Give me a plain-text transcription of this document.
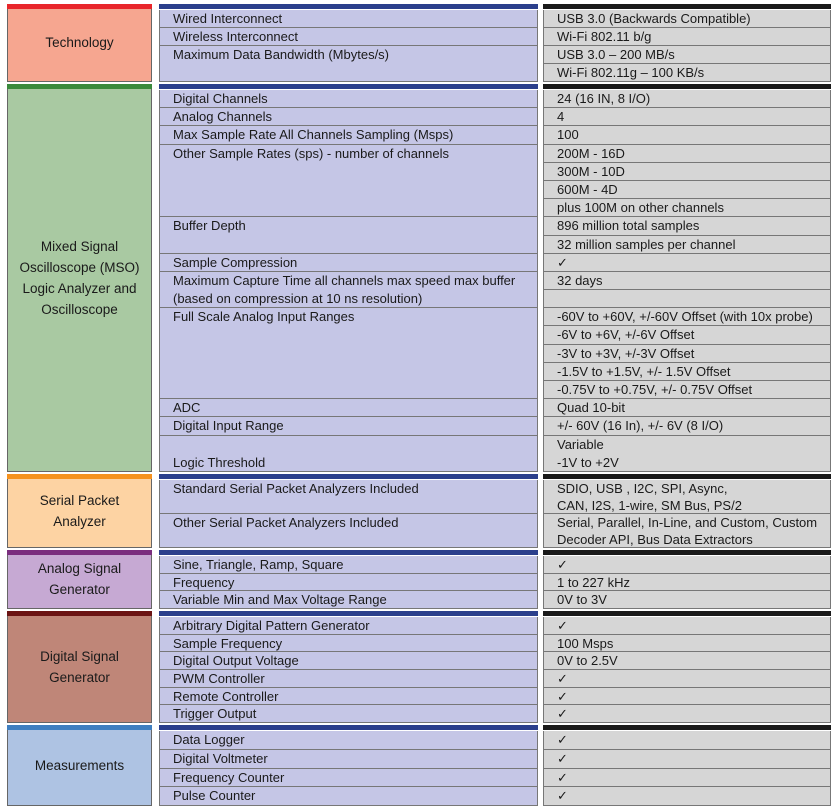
Technology
Wired Interconnect
Wireless Interconnect
Maximum Data Bandwidth (Mbytes/s)

USB 3.0 (Backwards Compatible)
Wi-Fi 802.11 b/g
USB 3.0 – 200 MB/s
Wi-Fi 802.11g – 100 KB/s
Mixed Signal
Oscilloscope (MSO)
Logic Analyzer and
Oscilloscope
Digital Channels
Analog Channels
Max Sample Rate All Channels Sampling (Msps)
Other Sample Rates (sps) - number of channels

Buffer Depth

Sample Compression
Maximum Capture Time all channels max speed max buffer
(based on compression at 10 ns resolution)
Full Scale Analog Input Ranges

ADC
Digital Input Range

Logic Threshold
24 (16 IN, 8 I/O)
4
100
200M - 16D
300M - 10D
600M - 4D
plus 100M on other channels
896 million total samples
32 million samples per channel
✓
32 days

-60V to +60V, +/-60V Offset (with 10x probe)
-6V to +6V, +/-6V Offset
-3V to +3V, +/-3V Offset
-1.5V to +1.5V, +/- 1.5V Offset
-0.75V to +0.75V, +/- 0.75V Offset
Quad 10-bit
+/- 60V (16 In), +/- 6V (8 I/O)
Variable
-1V to +2V
Serial Packet
Analyzer
Standard Serial Packet Analyzers Included

Other Serial Packet Analyzers Included

SDIO, USB , I2C, SPI, Async,
CAN, I2S, 1-wire, SM Bus, PS/2
Serial, Parallel, In-Line, and Custom, Custom
Decoder API, Bus Data Extractors
Analog Signal
Generator
Sine, Triangle, Ramp, Square
Frequency
Variable Min and Max Voltage Range
✓
1 to 227 kHz
0V to 3V
Digital Signal
Generator
Arbitrary Digital Pattern Generator
Sample Frequency
Digital Output Voltage
PWM Controller
Remote Controller
Trigger Output
✓
100 Msps
0V to 2.5V
✓
✓
✓
Measurements
Data Logger
Digital Voltmeter
Frequency Counter
Pulse Counter
✓
✓
✓
✓
